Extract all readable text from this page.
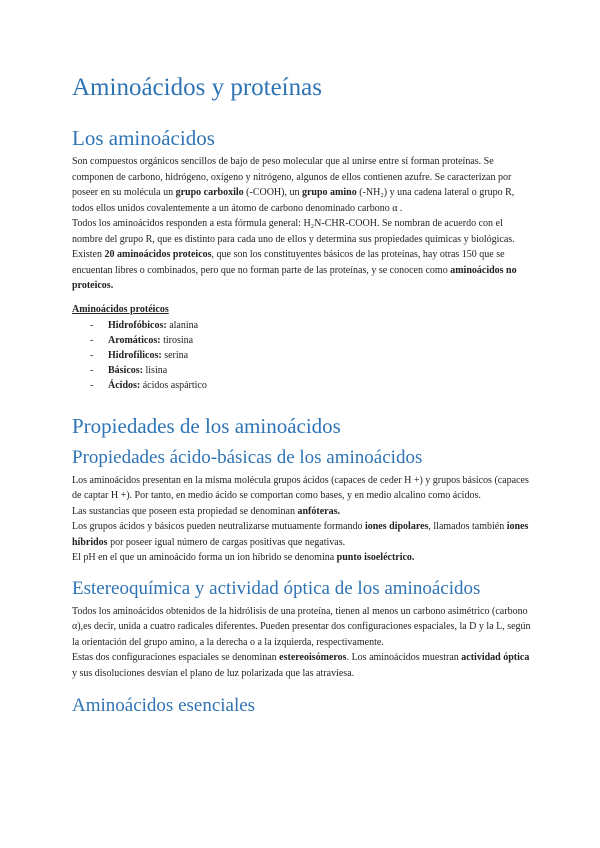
Aminoácidos y proteínas
Los aminoácidos

Son compuestos orgánicos sencillos de bajo de peso molecular que al unirse entre sí forman proteínas. Se componen de carbono, hidrógeno, oxígeno y nitrógeno, algunos de ellos contienen azufre. Se caracterizan por poseer en su molécula un grupo carboxilo (-COOH), un grupo amino (-NH₂) y una cadena lateral o grupo R, todos ellos unidos covalentemente a un átomo de carbono denominado carbono α .

Todos los aminoácidos responden a esta fórmula general: H₂N-CHR-COOH. Se nombran de acuerdo con el nombre del grupo R, que es distinto para cada uno de ellos y determina sus propiedades químicas y biológicas.

Existen 20 aminoácidos proteicos, que son los constituyentes básicos de las proteínas, hay otras 150 que se encuentan libres o combinados, pero que no forman parte de las proteínas, y se conocen como aminoácidos no proteicos.

Aminoácidos protéicos

- Hidrofóbicos: alanina
- Aromáticos: tirosina
- Hidrofílicos: serina
- Básicos: lisina
- Ácidos: ácidos aspártico
Propiedades de los aminoácidos
Propiedades ácido-básicas de los aminoácidos

Los aminoácidos presentan en la misma molécula grupos ácidos (capaces de ceder H +) y grupos básicos (capaces de captar H +). Por tanto, en medio ácido se comportan como bases, y en medio alcalino como ácidos.

Las sustancias que poseen esta propiedad se denominan anfóteras.

Los grupos ácidos y básicos pueden neutralizarse mutuamente formando iones dipolares, llamados también iones híbridos por poseer igual número de cargas positivas que negativas.

El pH en el que un aminoácido forma un ion híbrido se denomina punto isoeléctrico.

Estereoquímica y actividad óptica de los aminoácidos

Todos los aminoácidos obtenidos de la hidrólisis de una proteína, tienen al menos un carbono asimétrico (carbono α),es decir, unida a cuatro radicales diferentes. Pueden presentar dos configuraciones espaciales, la D y la L, según la orientación del grupo amino, a la derecha o a la izquierda, respectivamente.

Estas dos configuraciones espaciales se denominan estereoisómeros. Los aminoácidos muestran actividad óptica y sus disoluciones desvían el plano de luz polarizada que las atraviesa.

Aminoácidos esenciales
